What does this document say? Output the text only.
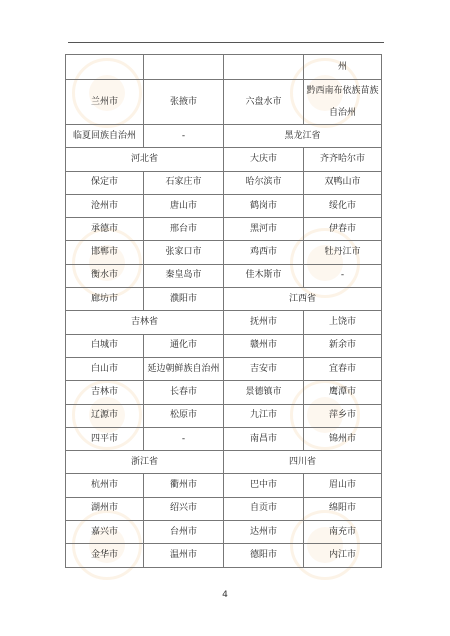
			州
兰州市	张掖市	六盘水市	黔西南布依族苗族自治州
临夏回族自治州	-	黑龙江省	
河北省		大庆市	齐齐哈尔市
保定市	石家庄市	哈尔滨市	双鸭山市
沧州市	唐山市	鹤岗市	绥化市
承德市	邢台市	黑河市	伊春市
邯郸市	张家口市	鸡西市	牡丹江市
衡水市	秦皇岛市	佳木斯市	-
廊坊市	濮阳市	江西省	
吉林省		抚州市	上饶市
白城市	通化市	赣州市	新余市
白山市	延边朝鲜族自治州	吉安市	宜春市
吉林市	长春市	景德镇市	鹰潭市
辽源市	松原市	九江市	萍乡市
四平市	-	南昌市	锦州市
浙江省		四川省	
杭州市	衢州市	巴中市	眉山市
湖州市	绍兴市	自贡市	绵阳市
嘉兴市	台州市	达州市	南充市
金华市	温州市	德阳市	内江市
4
